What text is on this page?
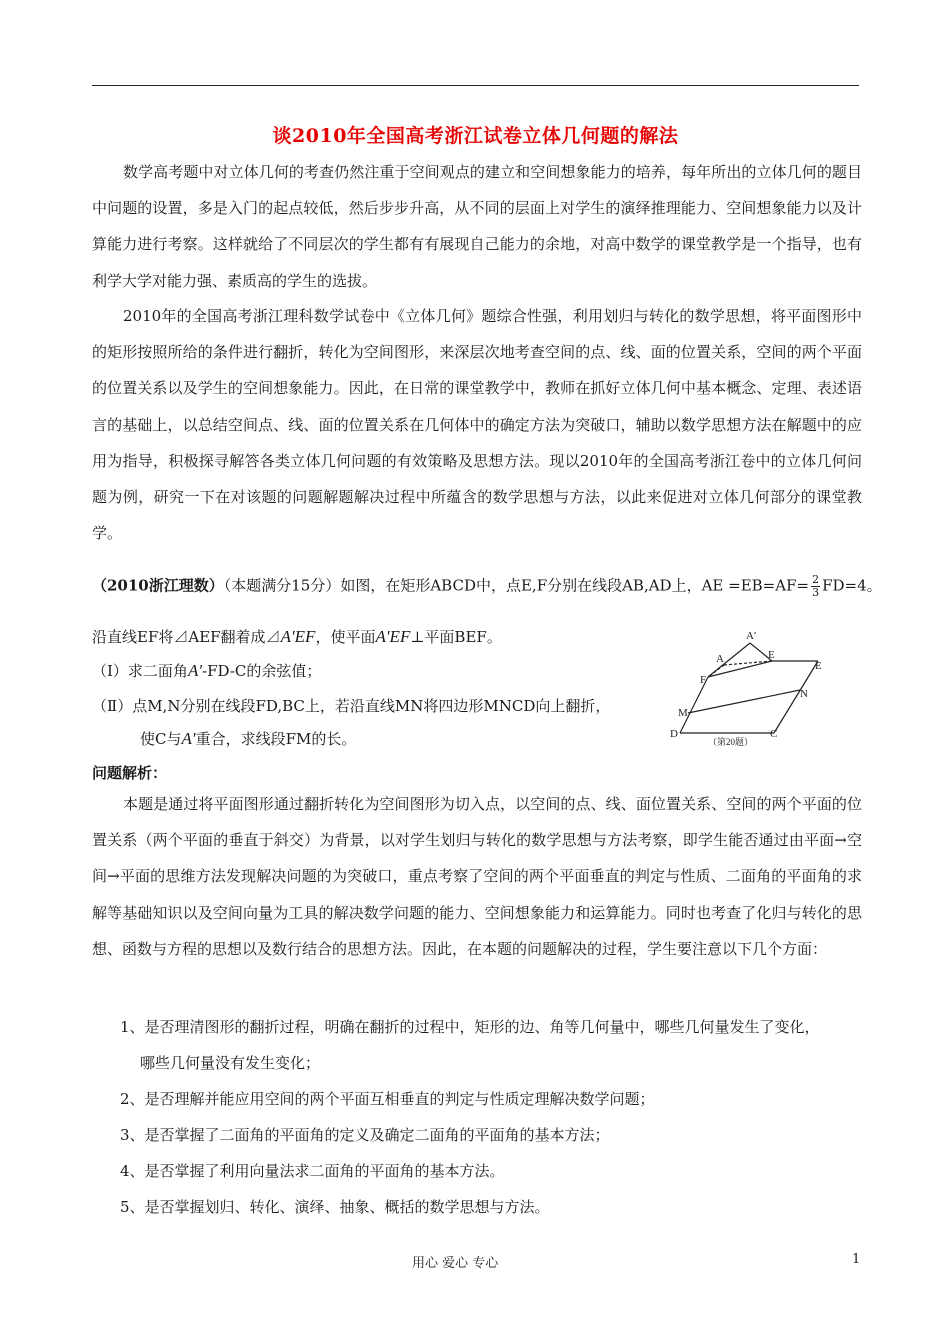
谈2010年全国高考浙江试卷立体几何题的解法

数学高考题中对立体几何的考查仍然注重于空间观点的建立和空间想象能力的培养，每年所出的立体几何的题目中问题的设置，多是入门的起点较低，然后步步升高，从不同的层面上对学生的演绎推理能力、空间想象能力以及计算能力进行考察。这样就给了不同层次的学生都有有展现自己能力的余地，对高中数学的课堂教学是一个指导，也有利学大学对能力强、素质高的学生的选拔。

2010年的全国高考浙江理科数学试卷中《立体几何》题综合性强，利用划归与转化的数学思想，将平面图形中的矩形按照所给的条件进行翻折，转化为空间图形，来深层次地考查空间的点、线、面的位置关系，空间的两个平面的位置关系以及学生的空间想象能力。因此，在日常的课堂教学中，教师在抓好立体几何中基本概念、定理、表述语言的基础上，以总结空间点、线、面的位置关系在几何体中的确定方法为突破口，辅助以数学思想方法在解题中的应用为指导，积极探寻解答各类立体几何问题的有效策略及思想方法。现以2010年的全国高考浙江卷中的立体几何问题为例，研究一下在对该题的问题解题解决过程中所蕴含的数学思想与方法，以此来促进对立体几何部分的课堂教学。

（2010浙江理数）（本题满分15分）如图，在矩形ABCD中，点E,F分别在线段AB,AD上，AE $=EB=AF= \frac{2}{3} FD=4$。
沿直线EF将⊿AEF翻着成⊿A′EF，使平面A′EF⊥平面BEF。
（Ⅰ）求二面角A′-FD-C的余弦值；
（Ⅱ）点M,N分别在线段FD,BC上，若沿直线MN将四边形MNCD向上翻折，
使C与A′重合，求线段FM的长。
A′
A	E
E
F
N
M
D	C
（第20题）
问题解析：

本题是通过将平面图形通过翻折转化为空间图形为切入点，以空间的点、线、面位置关系、空间的两个平面的位置关系（两个平面的垂直于斜交）为背景，以对学生划归与转化的数学思想与方法考察，即学生能否通过由平面→空间→平面的思维方法发现解决问题的为突破口，重点考察了空间的两个平面垂直的判定与性质、二面角的平面角的求解等基础知识以及空间向量为工具的解决数学问题的能力、空间想象能力和运算能力。同时也考查了化归与转化的思想、函数与方程的思想以及数行结合的思想方法。因此，在本题的问题解决的过程，学生要注意以下几个方面：

1、是否理清图形的翻折过程，明确在翻折的过程中，矩形的边、角等几何量中，哪些几何量发生了变化，
哪些几何量没有发生变化；
2、是否理解并能应用空间的两个平面互相垂直的判定与性质定理解决数学问题；
3、是否掌握了二面角的平面角的定义及确定二面角的平面角的基本方法；
4、是否掌握了利用向量法求二面角的平面角的基本方法。
5、是否掌握划归、转化、演绎、抽象、概括的数学思想与方法。
用心 爱心 专心	1
